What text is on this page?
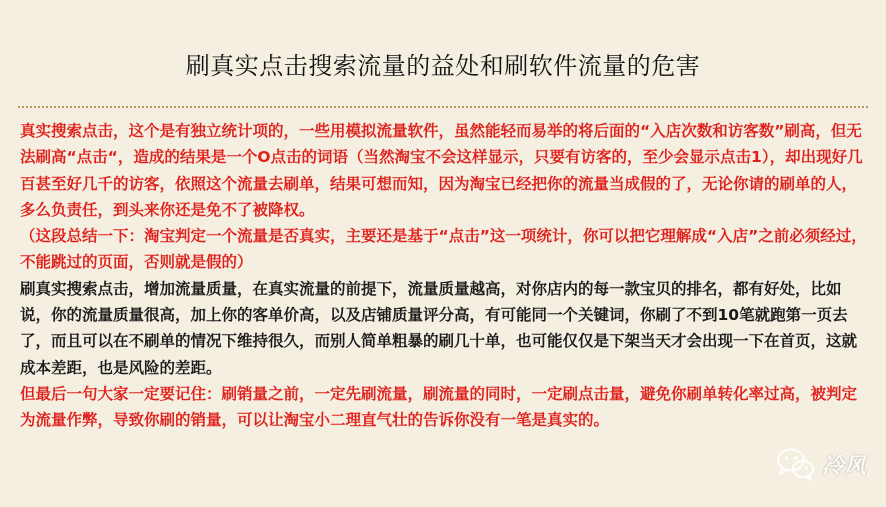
刷真实点击搜索流量的益处和刷软件流量的危害

真实搜索点击，这个是有独立统计项的，一些用模拟流量软件，虽然能轻而易举的将后面的“入店次数和访客数”刷高，但无法刷高“点击“，造成的结果是一个O点击的词语（当然淘宝不会这样显示，只要有访客的，至少会显示点击1），却出现好几百甚至好几千的访客，依照这个流量去刷单，结果可想而知，因为淘宝已经把你的流量当成假的了，无论你请的刷单的人，多么负责任，到头来你还是免不了被降权。

（这段总结一下：淘宝判定一个流量是否真实，主要还是基于“点击”这一项统计，你可以把它理解成“入店”之前必须经过，不能跳过的页面，否则就是假的）

刷真实搜索点击，增加流量质量，在真实流量的前提下，流量质量越高，对你店内的每一款宝贝的排名，都有好处，比如说，你的流量质量很高，加上你的客单价高，以及店铺质量评分高，有可能同一个关键词，你刷了不到10笔就跑第一页去了，而且可以在不刷单的情况下维持很久，而别人简单粗暴的刷几十单，也可能仅仅是下架当天才会出现一下在首页，这就成本差距，也是风险的差距。

但最后一句大家一定要记住：刷销量之前，一定先刷流量，刷流量的同时，一定刷点击量，避免你刷单转化率过高，被判定为流量作弊，导致你刷的销量，可以让淘宝小二理直气壮的告诉你没有一笔是真实的。

冷风
